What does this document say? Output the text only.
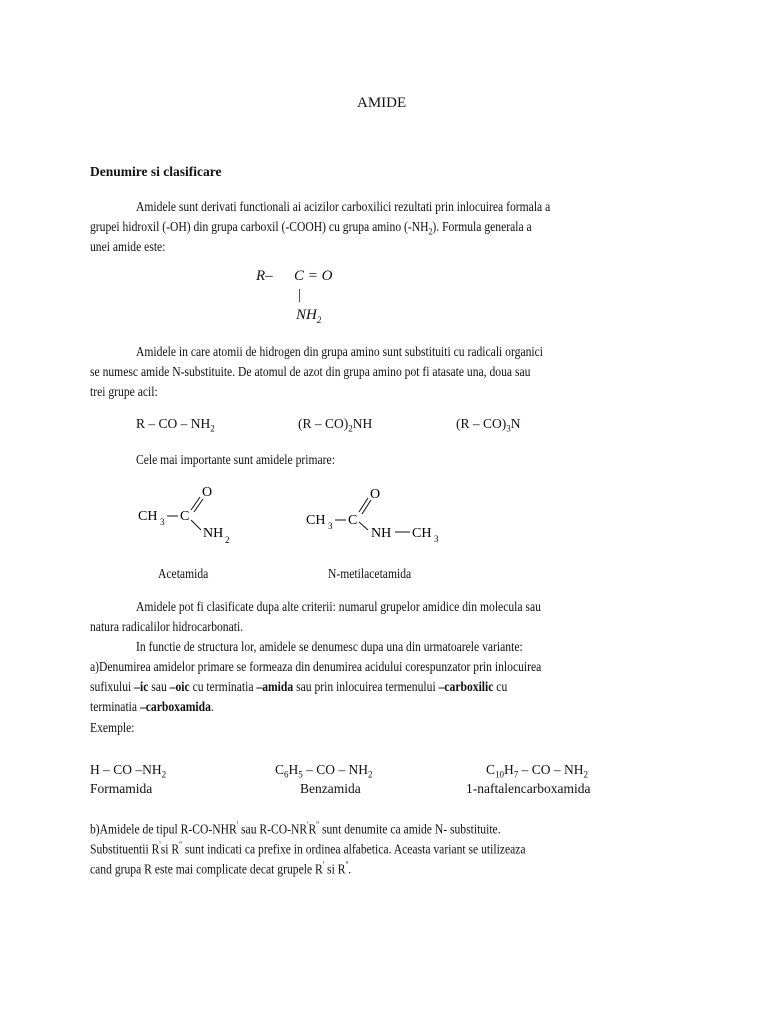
AMIDE
Denumire si clasificare
Amidele sunt derivati functionali ai acizilor carboxilici rezultati prin inlocuirea formala a
grupei hidroxil (-OH) din grupa carboxil (-COOH) cu grupa amino $(-NH_2)$. Formula generala a
unei amide este:
R– C = O
|
$NH_2$
Amidele in care atomii de hidrogen din grupa amino sunt substituiti cu radicali organici
se numesc amide N-substituite. De atomul de azot din grupa amino pot fi atasate una, doua sau
trei grupe acil:
R – CO – $NH_2$	$(R - CO)_2NH$	$(R - CO)_3N$
Cele mai importante sunt amidele primare:
CH 3 C
O
NH 2
Acetamida
CH 3 C
O
NH CH 3
N-metilacetamida
Amidele pot fi clasificate dupa alte criterii: numarul grupelor amidice din molecula sau
natura radicalilor hidrocarbonati.
In functie de structura lor, amidele se denumesc dupa una din urmatoarele variante:
a)Denumirea amidelor primare se formeaza din denumirea acidului corespunzator prin inlocuirea
sufixului –ic sau –oic cu terminatia –amida sau prin inlocuirea termenului –carboxilic cu
terminatia –carboxamida.
Exemple:
H – CO $-NH_2$	$C_6H_5$ – CO – $NH_2$	$C_{10}H_7$ – CO – $NH_2$
Formamida	Benzamida	1-naftalencarboxamida
b)Amidele de tipul R-CO-NHR' sau R-CO-NR'R'' sunt denumite ca amide N- substituite.
Substituentii R'si R'' sunt indicati ca prefixe in ordinea alfabetica. Aceasta variant se utilizeaza
cand grupa R este mai complicate decat grupele R' si R''.
